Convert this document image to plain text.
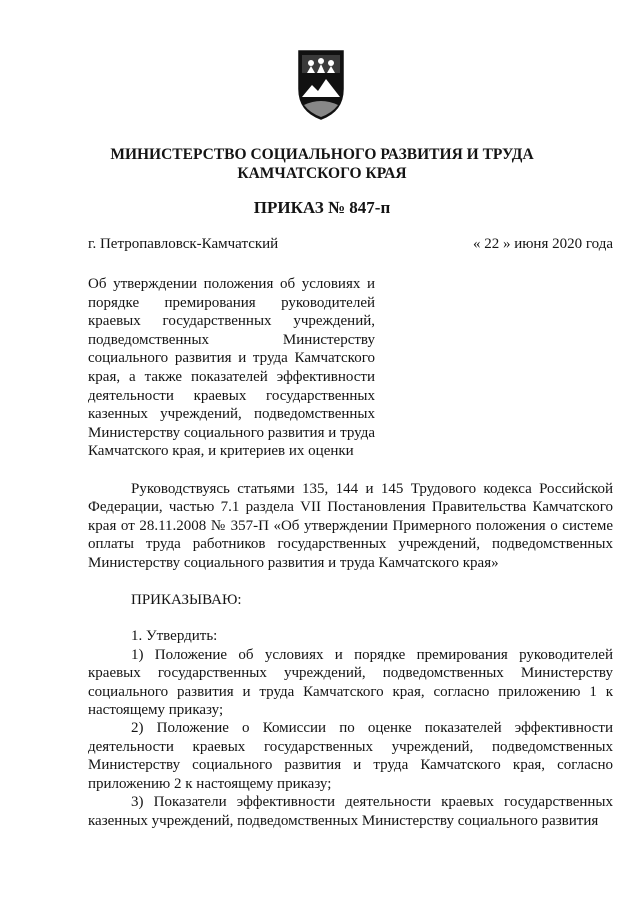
МИНИСТЕРСТВО СОЦИАЛЬНОГО РАЗВИТИЯ И ТРУДА
КАМЧАТСКОГО КРАЯ
ПРИКАЗ № 847-п
г. Петропавловск-Камчатский	« 22 » июня 2020 года
Об утверждении положения об условиях и порядке премирования руководителей краевых государственных учреждений, подведомственных Министерству социального развития и труда Камчатского края, а также показателей эффективности деятельности краевых государственных казенных учреждений, подведомственных Министерству социального развития и труда Камчатского края, и критериев их оценки

Руководствуясь статьями 135, 144 и 145 Трудового кодекса Российской Федерации, частью 7.1 раздела VII Постановления Правительства Камчатского края от 28.11.2008 № 357-П «Об утверждении Примерного положения о системе оплаты труда работников государственных учреждений, подведомственных Министерству социального развития и труда Камчатского края»

ПРИКАЗЫВАЮ:

1. Утвердить:

1) Положение об условиях и порядке премирования руководителей краевых государственных учреждений, подведомственных Министерству социального развития и труда Камчатского края, согласно приложению 1 к настоящему приказу;

2) Положение о Комиссии по оценке показателей эффективности деятельности краевых государственных учреждений, подведомственных Министерству социального развития и труда Камчатского края, согласно приложению 2 к настоящему приказу;

3) Показатели эффективности деятельности краевых государственных казенных учреждений, подведомственных Министерству социального развития
